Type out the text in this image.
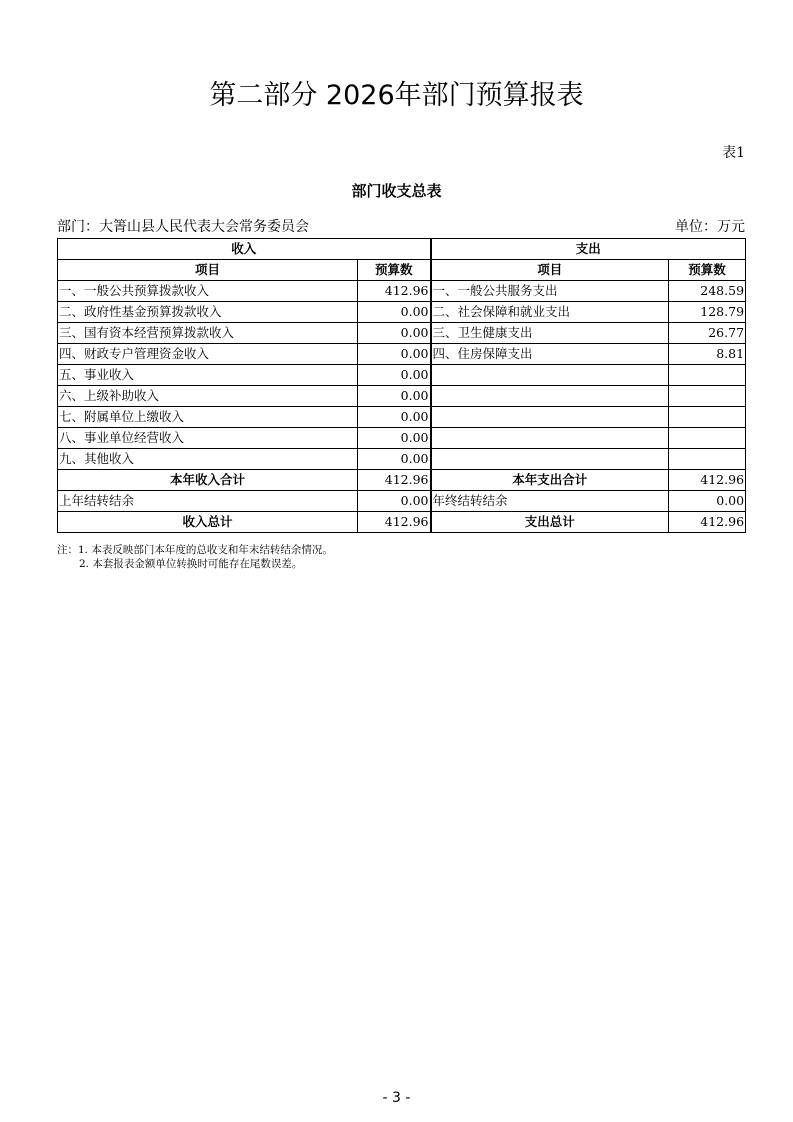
第二部分 2026年部门预算报表
表1
部门收支总表
部门：大箐山县人民代表大会常务委员会	单位：万元
收入		支出	
项目	预算数	项目	预算数
一、一般公共预算拨款收入	412.96	一、一般公共服务支出	248.59
二、政府性基金预算拨款收入	0.00	二、社会保障和就业支出	128.79
三、国有资本经营预算拨款收入	0.00	三、卫生健康支出	26.77
四、财政专户管理资金收入	0.00	四、住房保障支出	8.81
五、事业收入	0.00		
六、上级补助收入	0.00		
七、附属单位上缴收入	0.00		
八、事业单位经营收入	0.00		
九、其他收入	0.00		
本年收入合计	412.96	本年支出合计	412.96
上年结转结余	0.00	年终结转结余	0.00
收入总计	412.96	支出总计	412.96
注：1. 本表反映部门本年度的总收支和年末结转结余情况。
2. 本套报表金额单位转换时可能存在尾数误差。
- 3 -
